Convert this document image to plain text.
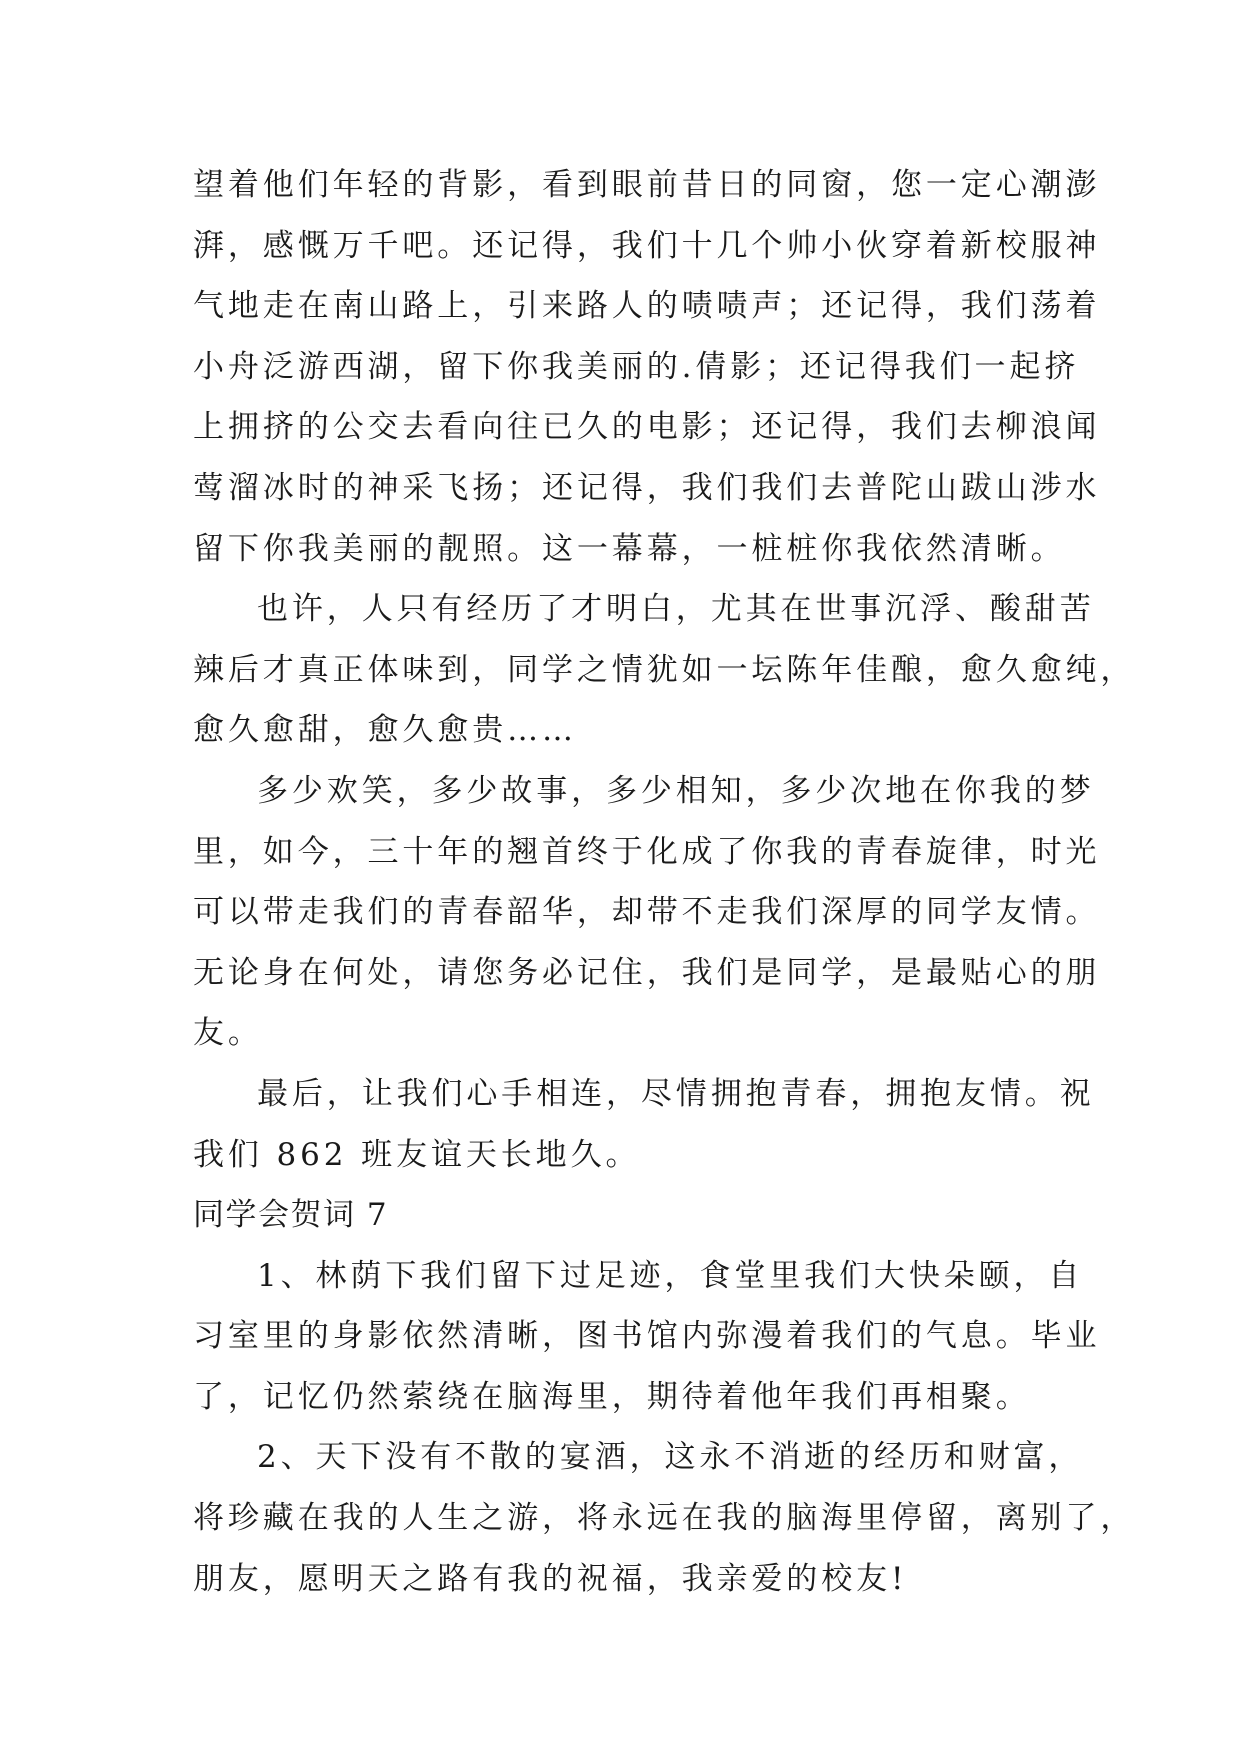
望着他们年轻的背影，看到眼前昔日的同窗，您一定心潮澎
湃，感慨万千吧。还记得，我们十几个帅小伙穿着新校服神
气地走在南山路上，引来路人的啧啧声；还记得，我们荡着
小舟泛游西湖，留下你我美丽的.倩影；还记得我们一起挤
上拥挤的公交去看向往已久的电影；还记得，我们去柳浪闻
莺溜冰时的神采飞扬；还记得，我们我们去普陀山跋山涉水
留下你我美丽的靓照。这一幕幕，一桩桩你我依然清晰。
也许，人只有经历了才明白，尤其在世事沉浮、酸甜苦
辣后才真正体味到，同学之情犹如一坛陈年佳酿，愈久愈纯，
愈久愈甜，愈久愈贵……
多少欢笑，多少故事，多少相知，多少次地在你我的梦
里，如今，三十年的翘首终于化成了你我的青春旋律，时光
可以带走我们的青春韶华，却带不走我们深厚的同学友情。
无论身在何处，请您务必记住，我们是同学，是最贴心的朋
友。
最后，让我们心手相连，尽情拥抱青春，拥抱友情。祝
我们 862 班友谊天长地久。
同学会贺词 7
1、林荫下我们留下过足迹，食堂里我们大快朵颐，自
习室里的身影依然清晰，图书馆内弥漫着我们的气息。毕业
了，记忆仍然萦绕在脑海里，期待着他年我们再相聚。
2、天下没有不散的宴酒，这永不消逝的经历和财富，
将珍藏在我的人生之游，将永远在我的脑海里停留，离别了，
朋友，愿明天之路有我的祝福，我亲爱的校友!
